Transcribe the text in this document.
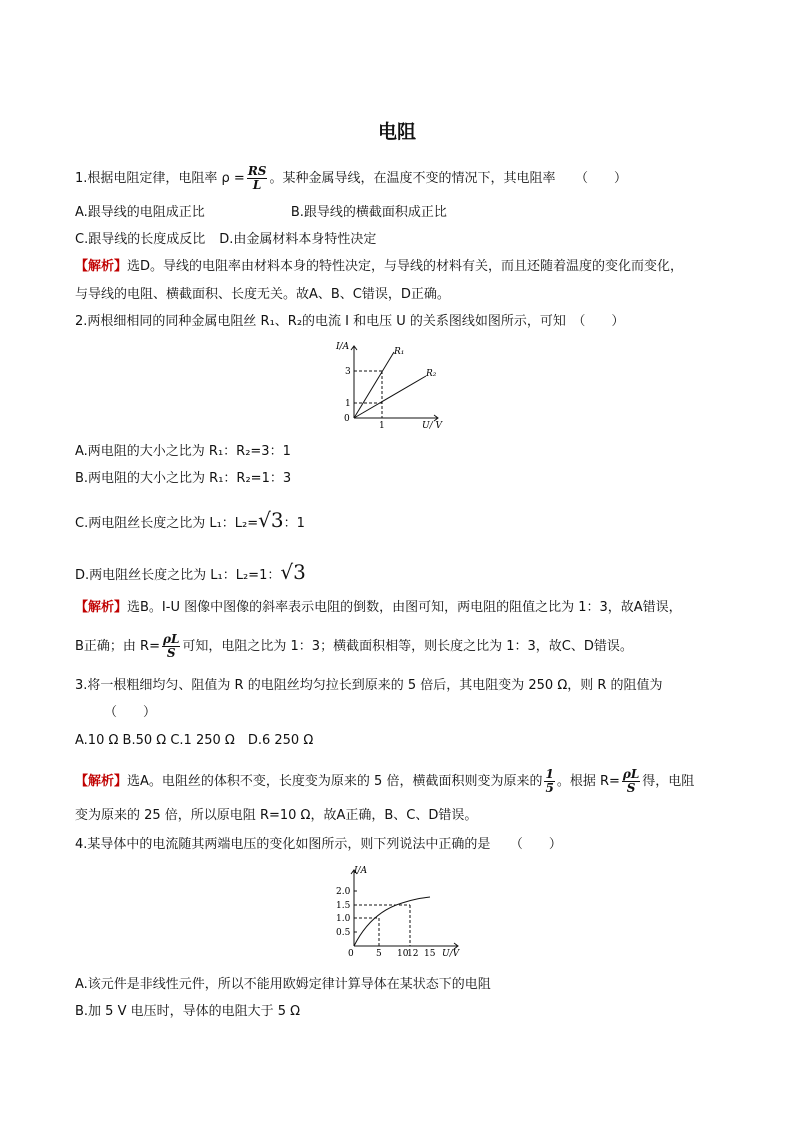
电阻
1.根据电阻定律，电阻率 $\rho = \frac{RS}{L}$ 。某种金属导线，在温度不变的情况下，其电阻率　　（　　）
A.跟导线的电阻成正比	B.跟导线的横截面积成正比
C.跟导线的长度成反比 D.由金属材料本身特性决定
【解析】选D。导线的电阻率由材料本身的特性决定，与导线的材料有关，而且还随着温度的变化而变化，
与导线的电阻、横截面积、长度无关。故A、B、C错误，D正确。
2.两根细相同的同种金属电阻丝 R₁、R₂的电流 I 和电压 U 的关系图线如图所示，可知　（　　）
I/A
U/ V
0
3
1
1
R₁
R₂
A.两电阻的大小之比为 R₁：R₂=3：1
B.两电阻的大小之比为 R₁：R₂=1：3
C.两电阻丝长度之比为 L₁：L₂=√3：1
D.两电阻丝长度之比为 L₁：L₂=1：√3
【解析】选B。I-U 图像中图像的斜率表示电阻的倒数，由图可知，两电阻的阻值之比为 1：3，故A错误，
B正确；由 $R= \frac{\rho L}{S}$ 可知，电阻之比为 1：3；横截面积相等，则长度之比为 1：3，故C、D错误。
3.将一根粗细均匀、阻值为 R 的电阻丝均匀拉长到原来的 5 倍后，其电阻变为 250 Ω，则 R 的阻值为
（　　）
A.10 Ω B.50 Ω C.1 250 Ω　D.6 250 Ω
【解析】选A。电阻丝的体积不变，长度变为原来的 5 倍，横截面积则变为原来的 $\frac{1}{5}$ 。根据 $R= \frac{\rho L}{S}$ 得，电阻
变为原来的 25 倍，所以原电阻 R=10 Ω，故A正确，B、C、D错误。
4.某导体中的电流随其两端电压的变化如图所示，则下列说法中正确的是　　（　　）
I/A
U/V
0
2.0
1.5
1.0
0.5
5 10
12 15
A.该元件是非线性元件，所以不能用欧姆定律计算导体在某状态下的电阻
B.加 5 V 电压时，导体的电阻大于 5 Ω
